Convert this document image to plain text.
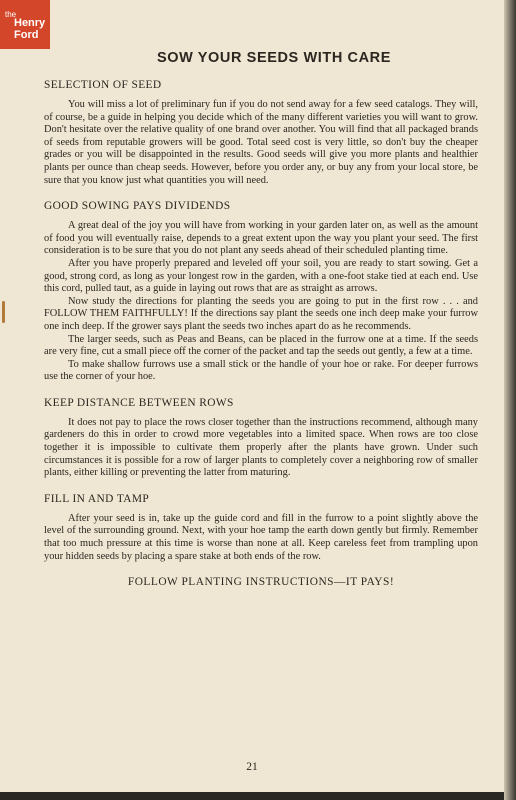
SOW YOUR SEEDS WITH CARE
SELECTION OF SEED

You will miss a lot of preliminary fun if you do not send away for a few seed catalogs. They will, of course, be a guide in helping you decide which of the many different varieties you will want to grow. Don't hesitate over the relative quality of one brand over another. You will find that all packaged brands of seeds from reputable growers will be good. Total seed cost is very little, so don't buy the cheaper grades or you will be disappointed in the results. Good seeds will give you more plants and healthier plants per ounce than cheap seeds. However, before you order any, or buy any from your local store, be sure that you know just what quantities you will need.

GOOD SOWING PAYS DIVIDENDS

A great deal of the joy you will have from working in your garden later on, as well as the amount of food you will eventually raise, depends to a great extent upon the way you plant your seed. The first consideration is to be sure that you do not plant any seeds ahead of their scheduled planting time.

After you have properly prepared and leveled off your soil, you are ready to start sowing. Get a good, strong cord, as long as your longest row in the garden, with a one-foot stake tied at each end. Use this cord, pulled taut, as a guide in laying out rows that are as straight as arrows.

Now study the directions for planting the seeds you are going to put in the first row . . . and FOLLOW THEM FAITHFULLY! If the directions say plant the seeds one inch deep make your furrow one inch deep. If the grower says plant the seeds two inches apart do as he recommends.

The larger seeds, such as Peas and Beans, can be placed in the furrow one at a time. If the seeds are very fine, cut a small piece off the corner of the packet and tap the seeds out gently, a few at a time.

To make shallow furrows use a small stick or the handle of your hoe or rake. For deeper furrows use the corner of your hoe.

KEEP DISTANCE BETWEEN ROWS

It does not pay to place the rows closer together than the instructions recommend, although many gardeners do this in order to crowd more vegetables into a limited space. When rows are too close together it is impossible to cultivate them properly after the plants have grown. Under such circumstances it is possible for a row of larger plants to completely cover a neighboring row of smaller plants, either killing or preventing the latter from maturing.

FILL IN AND TAMP

After your seed is in, take up the guide cord and fill in the furrow to a point slightly above the level of the surrounding ground. Next, with your hoe tamp the earth down gently but firmly. Remember that too much pressure at this time is worse than none at all. Keep careless feet from trampling upon your hidden seeds by placing a spare stake at both ends of the row.

FOLLOW PLANTING INSTRUCTIONS—IT PAYS!
21
the
Henry
Ford
